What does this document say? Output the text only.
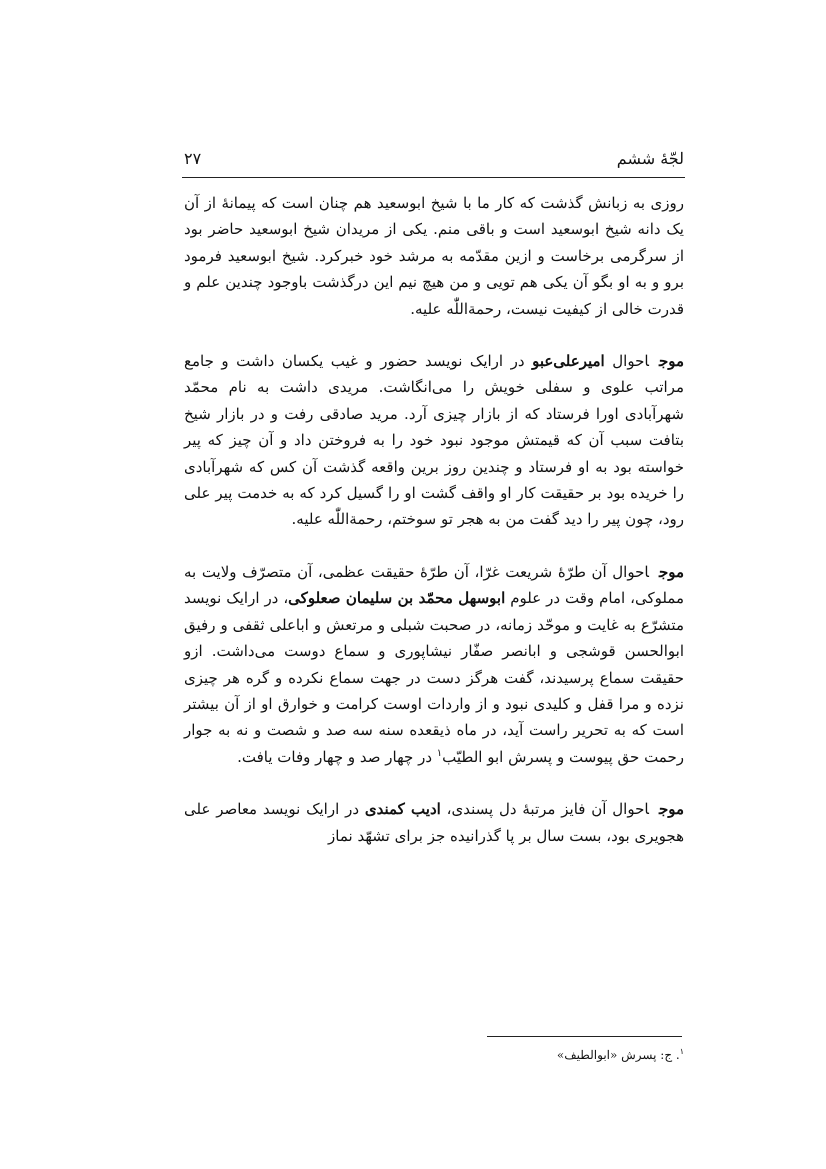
لجّهٔ ششم
۲۷

روزی به زبانش گذشت که کار ما با شیخ ابوسعید هم چنان است که پیمانهٔ از آن یک دانه شیخ ابوسعید است و باقی منم. یکی از مریدان شیخ ابوسعید حاضر بود از سرگرمی برخاست و ازین مقدّمه به مرشد خود خبرکرد. شیخ ابوسعید فرمود برو و به او بگو آن یکی هم تویی و من هیچ نیم این درگذشت باوجود چندین علم و قدرت خالی از کیفیت نیست، رحمةاللّٰه علیه.

موجاحوال امیرعلی‌عبو در ارایک نویسد حضور و غیب یکسان داشت و جامع مراتب علوی و سفلی خویش را می‌انگاشت. مریدی داشت به نام محمّد شهرآبادی اورا فرستاد که از بازار چیزی آرد. مرید صادقی رفت و در بازار شیخ بتافت سبب آن که قیمتش موجود نبود خود را به فروختن داد و آن چیز که پیر خواسته بود به او فرستاد و چندین روز برین واقعه گذشت آن کس که شهرآبادی را خریده بود بر حقیقت کار او واقف گشت او را گسیل کرد که به خدمت پیر علی رود، چون پیر را دید گفت من به هجر تو سوختم، رحمةاللّٰه علیه.

موجاحوال آن طرّهٔ شریعت غرّا، آن طرّهٔ حقیقت عظمی، آن متصرّف ولایت به مملوکی، امام وقت در علوم ابوسهل محمّد بن سلیمان صعلوکی، در ارایک نویسد متشرّع به غایت و موحّد زمانه، در صحبت شبلی و مرتعش و اباعلی ثقفی و رفیق ابوالحسن قوشجی و ابانصر صفّار نیشاپوری و سماع دوست می‌داشت. ازو حقیقت سماع پرسیدند، گفت هرگز دست در جهت سماع نکرده و گره هر چیزی نزده و مرا قفل و کلیدی نبود و از واردات اوست کرامت و خوارق او از آن بیشتر است که به تحریر راست آید، در ماه ذیقعده سنه سه صد و شصت و نه به جوار رحمت حق پیوست و پسرش ابو الطیّب$^۱$ در چهار صد و چهار وفات یافت.

موجاحوال آن فایز مرتبهٔ دل پسندی، ادیب کمندی در ارایک نویسد معاصر علی هجویری بود، بست سال بر پا گذرانیده جز برای تشهّد نماز

$^۱$. ج: پسرش «ابوالطیف»
